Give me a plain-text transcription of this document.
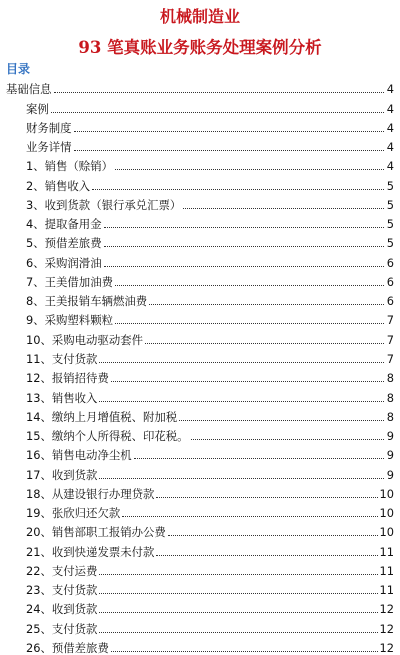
机械制造业
93 笔真账业务账务处理案例分析
目录
基础信息	4
案例	4
财务制度	4
业务详情	4
1、销售（赊销）	4
2、销售收入	5
3、收到货款（银行承兑汇票）	5
4、提取备用金	5
5、预借差旅费	5
6、采购润滑油	6
7、王美借加油费	6
8、王美报销车辆燃油费	6
9、采购塑料颗粒	7
10、采购电动驱动套件	7
11、支付货款	7
12、报销招待费	8
13、销售收入	8
14、缴纳上月增值税、附加税	8
15、缴纳个人所得税、印花税。	9
16、销售电动净尘机	9
17、收到货款	9
18、从建设银行办理贷款	10
19、张欣归还欠款	10
20、销售部职工报销办公费	10
21、收到快递发票未付款	11
22、支付运费	11
23、支付货款	11
24、收到货款	12
25、支付货款	12
26、预借差旅费	12
